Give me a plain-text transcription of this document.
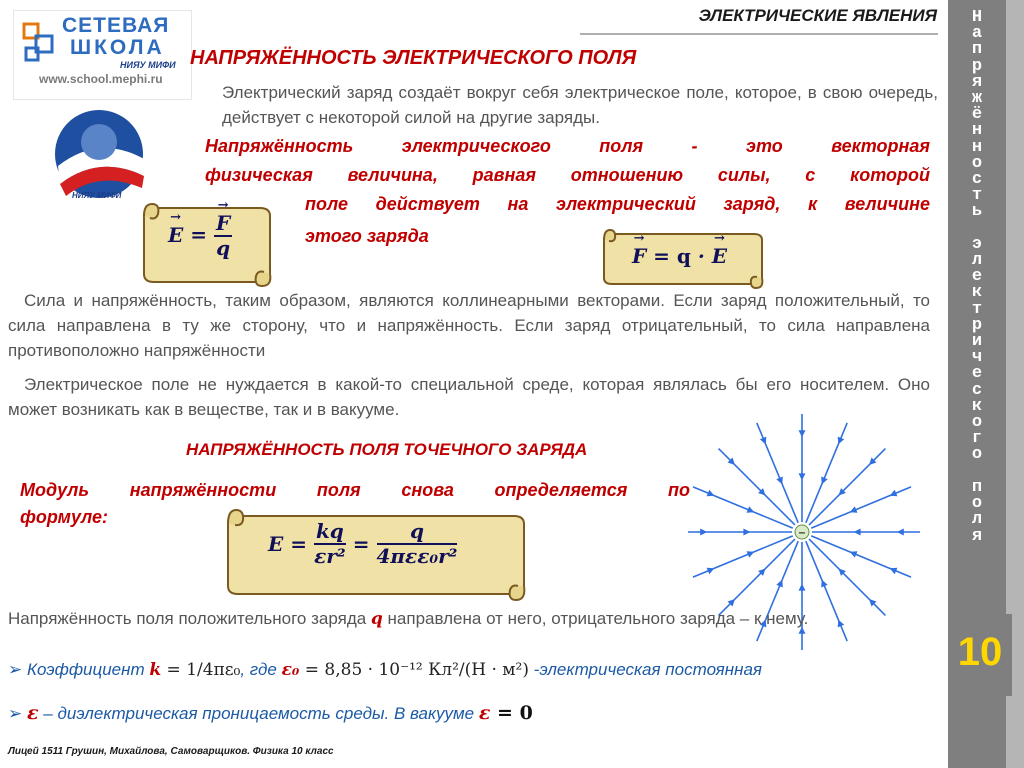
СЕТЕВАЯ
ШКОЛА
НИЯУ МИФИ
www.school.mephi.ru
НИЯУ МИФИ
Н
а
п
р
я
ж
ё
н
н
о
с
т
ь

э
л
е
к
т
р
и
ч
е
с
к
о
г
о

п
о
л
я
10
ЭЛЕКТРИЧЕСКИЕ ЯВЛЕНИЯ
НАПРЯЖЁННОСТЬ ЭЛЕКТРИЧЕСКОГО ПОЛЯ
Электрический заряд создаёт вокруг себя электрическое поле, которое, в свою очередь, действует с некоторой силой на другие заряды.
Напряжённость электрического поля - это векторная
физическая величина, равная отношению силы, с которой
поле действует на электрический заряд, к величине
этого заряда
→ E = → $\frac{F}{q}$	→ F = q · → E
Сила и напряжённость, таким образом, являются коллинеарными векторами. Если заряд положительный, то сила направлена в ту же сторону, что и напряжённость. Если заряд отрицательный, то сила направлена противоположно напряжённости
Электрическое поле не нуждается в какой-то специальной среде, которая являлась бы его носителем. Оно может возникать как в веществе, так и в вакууме.
НАПРЯЖЁННОСТЬ ПОЛЯ ТОЧЕЧНОГО ЗАРЯДА
Модуль напряжённости поля снова определяется по
формуле:
$E = \frac{kq}{\text{εr²}} = \frac{q}{\text{4πεε₀r²}}$	–
Напряжённость поля положительного заряда q направлена от него, отрицательного заряда – к нему.
➢ Коэффициент k = 1/4πε₀, где ε₀ = 8,85 · 10⁻¹² Кл²/(Н · м²) -электрическая постоянная
➢ ε – диэлектрическая проницаемость среды. В вакууме ε = 0
Лицей 1511 Грушин, Михайлова, Самоварщиков. Физика 10 класс
